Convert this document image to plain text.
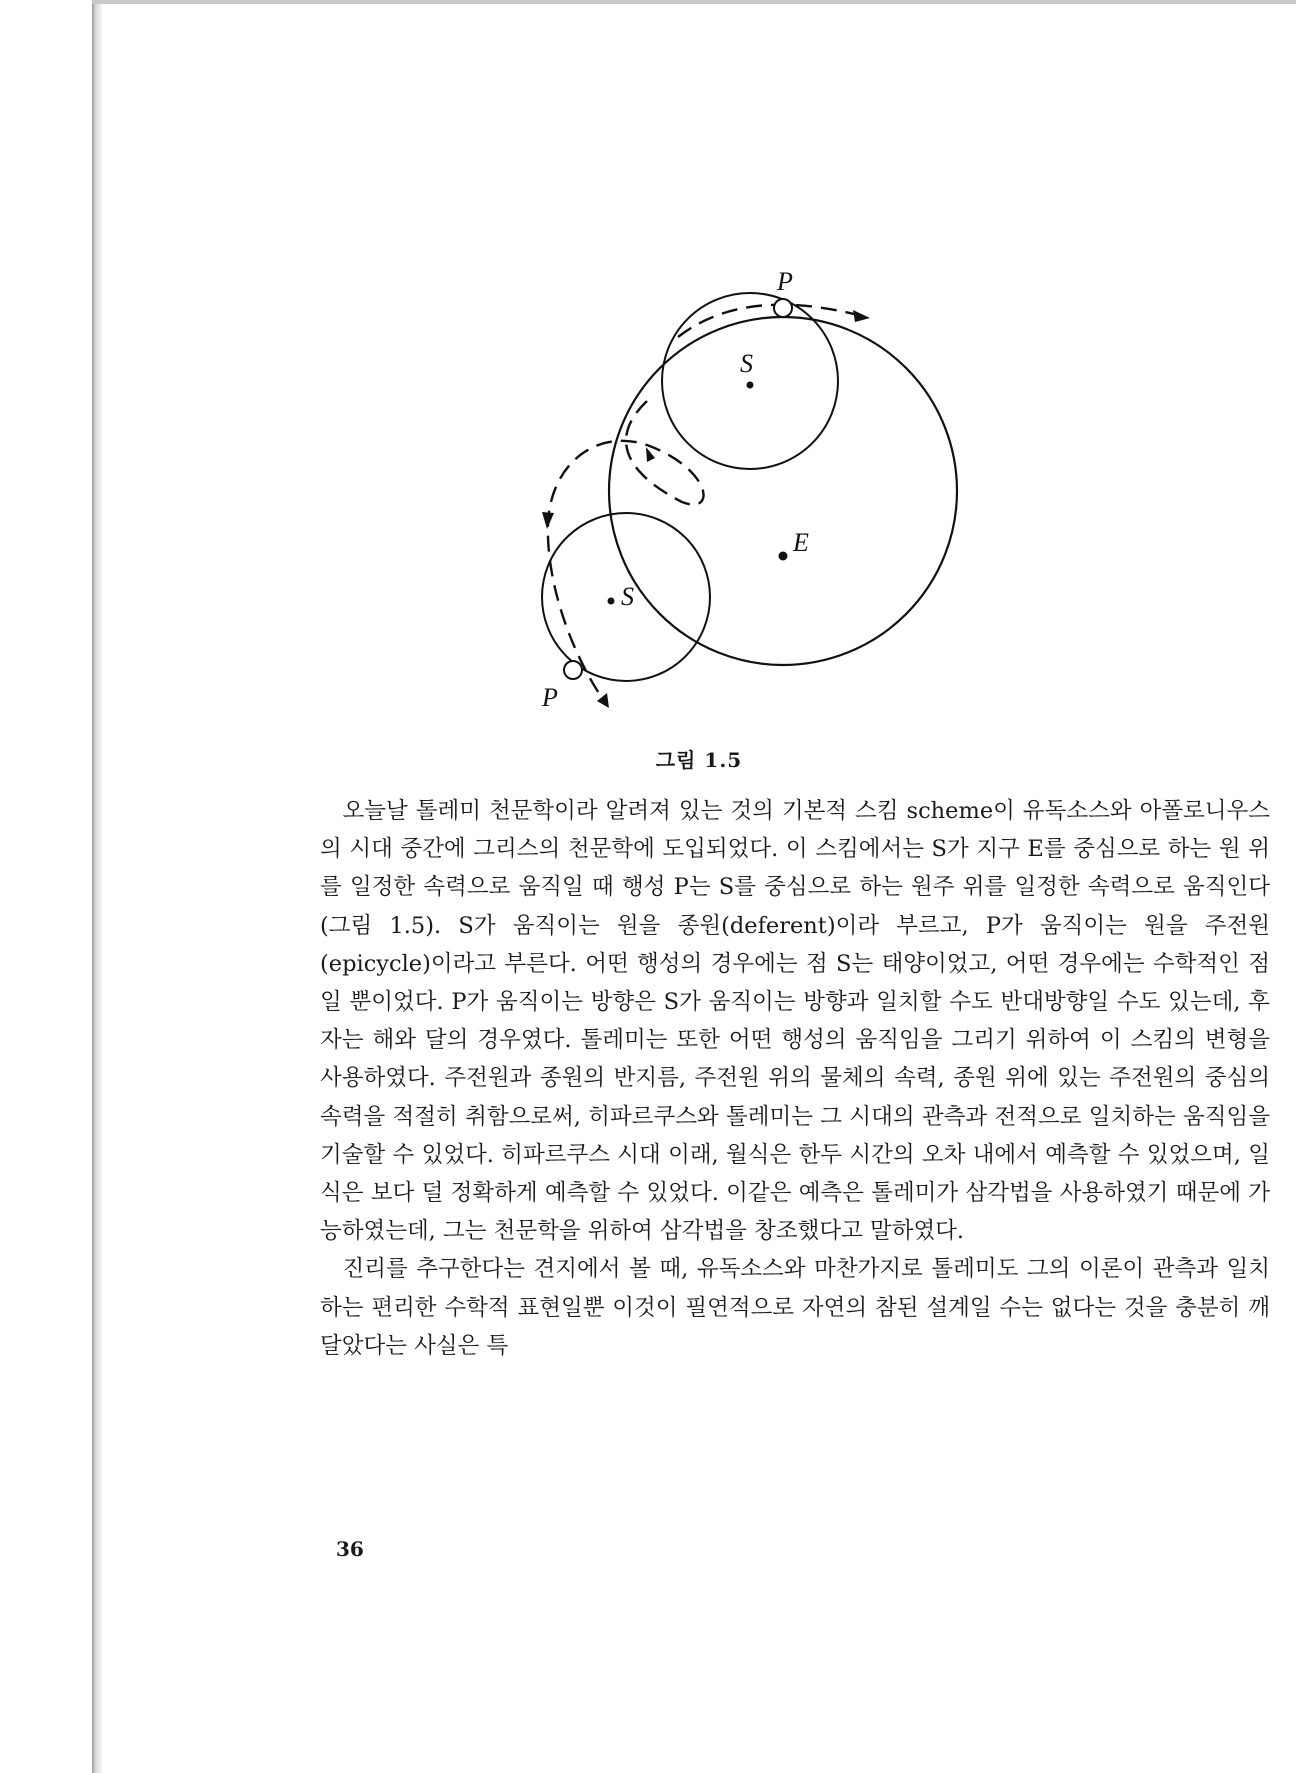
P
S
E
S
P
그림 1.5

오늘날 톨레미 천문학이라 알려져 있는 것의 기본적 스킴 scheme이 유독소스와 아폴로니우스의 시대 중간에 그리스의 천문학에 도입되었다. 이 스킴에서는 S가 지구 E를 중심으로 하는 원 위를 일정한 속력으로 움직일 때 행성 P는 S를 중심으로 하는 원주 위를 일정한 속력으로 움직인다(그림 1.5). S가 움직이는 원을 종원(deferent)이라 부르고, P가 움직이는 원을 주전원(epicycle)이라고 부른다. 어떤 행성의 경우에는 점 S는 태양이었고, 어떤 경우에는 수학적인 점일 뿐이었다. P가 움직이는 방향은 S가 움직이는 방향과 일치할 수도 반대방향일 수도 있는데, 후자는 해와 달의 경우였다. 톨레미는 또한 어떤 행성의 움직임을 그리기 위하여 이 스킴의 변형을 사용하였다. 주전원과 종원의 반지름, 주전원 위의 물체의 속력, 종원 위에 있는 주전원의 중심의 속력을 적절히 취함으로써, 히파르쿠스와 톨레미는 그 시대의 관측과 전적으로 일치하는 움직임을 기술할 수 있었다. 히파르쿠스 시대 이래, 월식은 한두 시간의 오차 내에서 예측할 수 있었으며, 일식은 보다 덜 정확하게 예측할 수 있었다. 이같은 예측은 톨레미가 삼각법을 사용하였기 때문에 가능하였는데, 그는 천문학을 위하여 삼각법을 창조했다고 말하였다.

진리를 추구한다는 견지에서 볼 때, 유독소스와 마찬가지로 톨레미도 그의 이론이 관측과 일치하는 편리한 수학적 표현일뿐 이것이 필연적으로 자연의 참된 설계일 수는 없다는 것을 충분히 깨달았다는 사실은 특

36
